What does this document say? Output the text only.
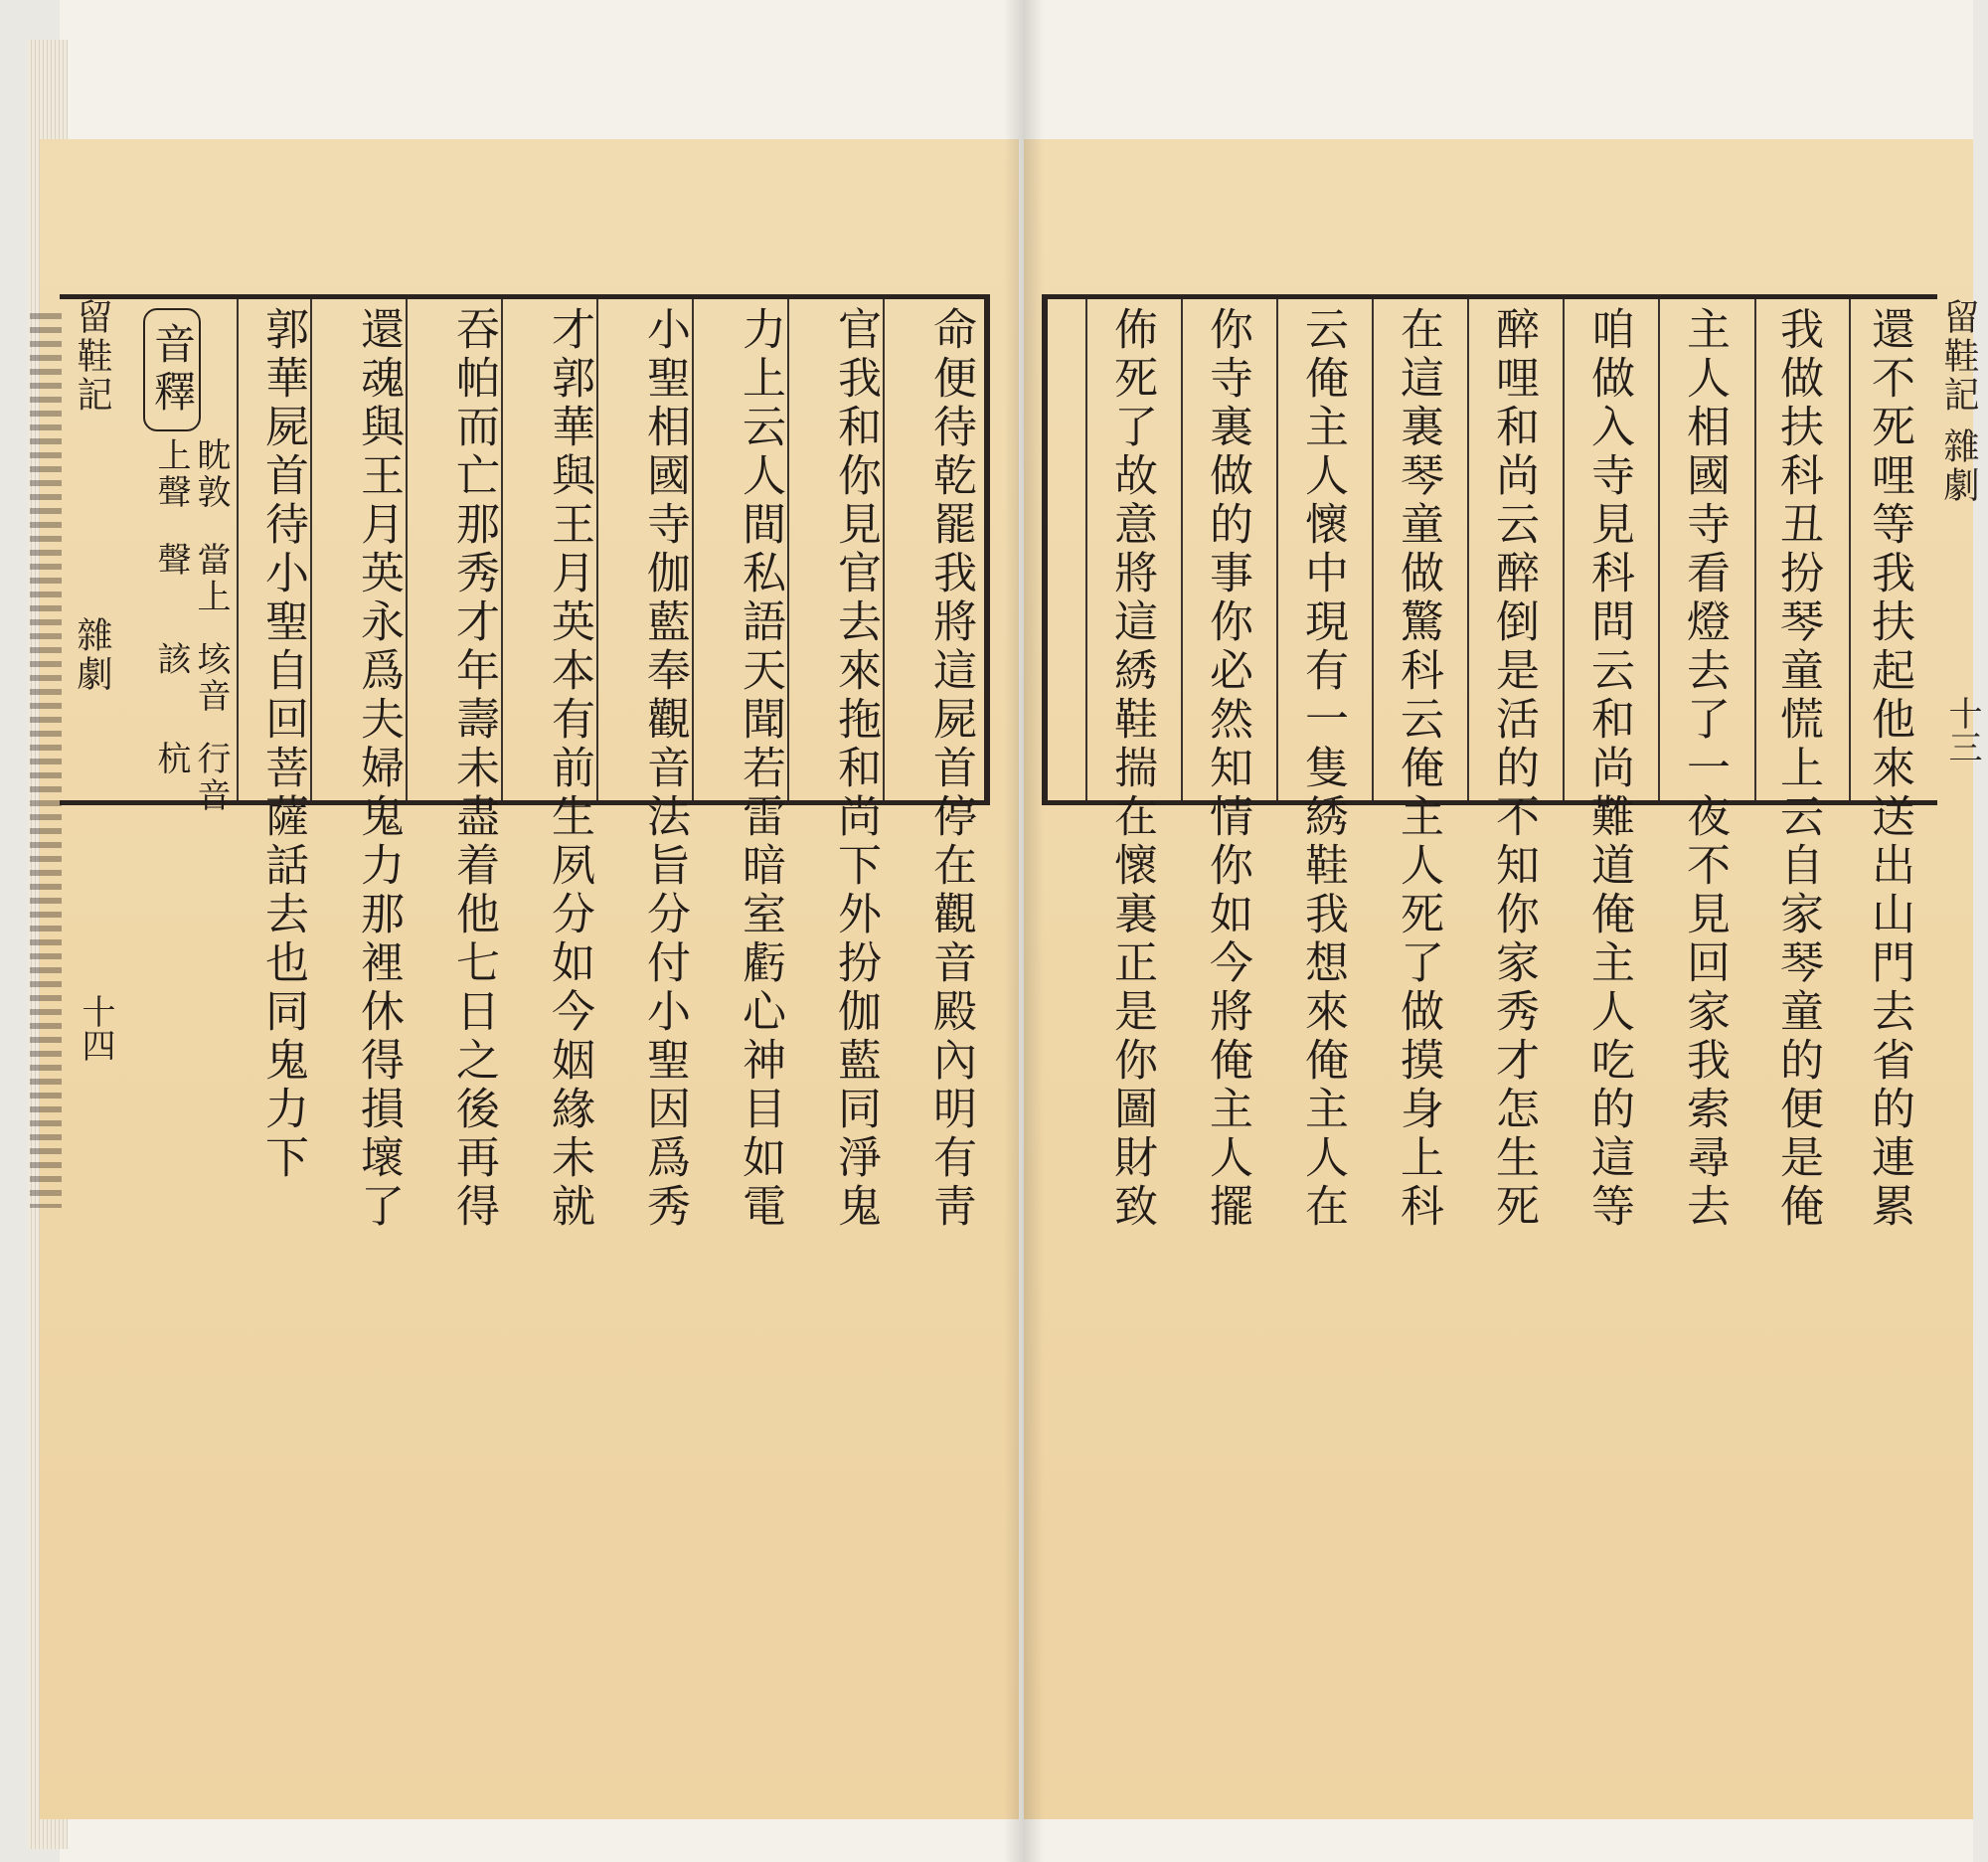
留鞋記
雜劇
十四	命便待乾罷我將這屍首停在觀音殿內明有靑
官我和你見官去來拖和尚下外扮伽藍同淨鬼
力上云人間私語天聞若雷暗室虧心神目如電
小聖相國寺伽藍奉觀音法旨分付小聖因爲秀
才郭華與王月英本有前生夙分如今姻緣未就
吞帕而亡那秀才年壽未盡着他七日之後再得
還魂與王月英永爲夫婦鬼力那裡休得損壞了
郭華屍首待小聖自回菩薩話去也同鬼力下
音釋
眈敦
當上
垓音
上聲
聲
該
行音
杭
留鞋記
雜劇
十三
還不死哩等我扶起他來送出山門去省的連累
我做扶科丑扮琴童慌上云自家琴童的便是俺
主人相國寺看燈去了一夜不見回家我索尋去
咱做入寺見科問云和尚難道俺主人吃的這等
醉哩和尚云醉倒是活的不知你家秀才怎生死
在這裏琴童做驚科云俺主人死了做摸身上科
云俺主人懷中現有一隻綉鞋我想來俺主人在
你寺裏做的事你必然知情你如今將俺主人擺
佈死了故意將這綉鞋揣在懷裏正是你圖財致
